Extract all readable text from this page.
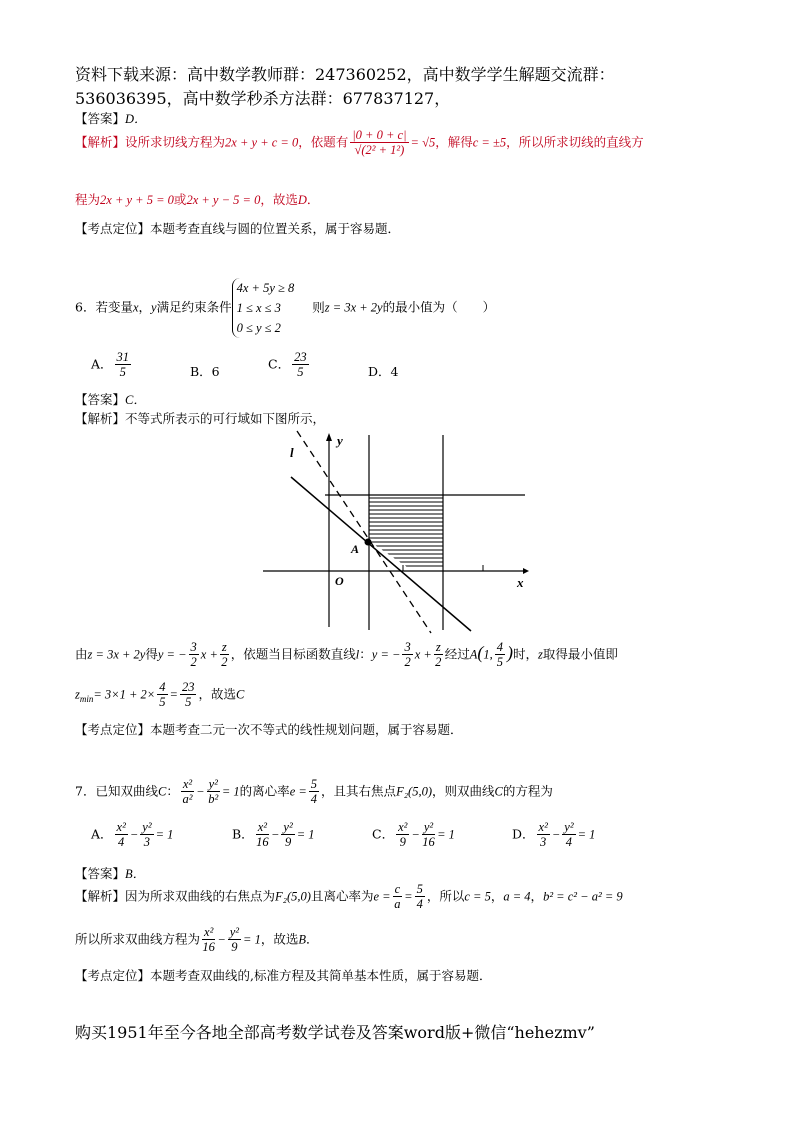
资料下载来源：高中数学教师群：247360252，高中数学学生解题交流群：
536036395，高中数学秒杀方法群：677837127，
【答案】D．
【解析】设所求切线方程为2x + y + c = 0，依题有 $\frac{|0 + 0 + c|}{\text{√(2² + 1²)}} = √5$，解得c = ±5，所以所求切线的直线方
程为2x + y + 5 = 0或2x + y − 5 = 0，故选D．
【考点定位】本题考查直线与圆的位置关系，属于容易题．
6．若变量x，y满足约束条件
4x + 5y ≥ 8
1 ≤ x ≤ 3
0 ≤ y ≤ 2
则z = 3x + 2y的最小值为（　　）
A． $\frac{31}{5}$	B．6
C． $\frac{23}{5}$	D．4
【答案】C．
【解析】不等式所表示的可行域如下图所示，
A
l
y
x
O
由z = 3x + 2y得y = − $\frac{3}{2}$ $x + \frac{z}{2}$ ，依题当目标函数直线l：y = − $\frac{3}{2}$ $x + \frac{z}{2}$ 经过A(1, $\frac{4}{5}$ )时，z取得最小值即
$z_{min}= 3\times 1 + 2\times \frac{4}{5} = \frac{23}{5}$ ，故选C
【考点定位】本题考查二元一次不等式的线性规划问题，属于容易题．
7．已知双曲线C： $\frac{\text{x²}}{\text{a²}} - \frac{\text{y²}}{\text{b²}} = 1$的离心率$e = \frac{5}{4}$ ，且其右焦点F₂(5,0)，则双曲线C的方程为
A． $\frac{\text{x²}}{4} - \frac{\text{y²}}{3} = 1$	B． $\frac{\text{x²}}{16} - \frac{\text{y²}}{9} = 1$	C． $\frac{\text{x²}}{9} - \frac{\text{y²}}{16} = 1$	D． $\frac{\text{x²}}{3} - \frac{\text{y²}}{4} = 1$
【答案】B．
【解析】因为所求双曲线的右焦点为F₂(5,0)且离心率为$e = \frac{c}{a} = \frac{5}{4}$ ，所以c = 5，a = 4，b² = c² − a² = 9
所以所求双曲线方程为 $\frac{\text{x²}}{16} - \frac{\text{y²}}{9} = 1$，故选B．
【考点定位】本题考查双曲线的,标准方程及其简单基本性质，属于容易题．
购买1951年至今各地全部高考数学试卷及答案word版+微信“hehezmv”
